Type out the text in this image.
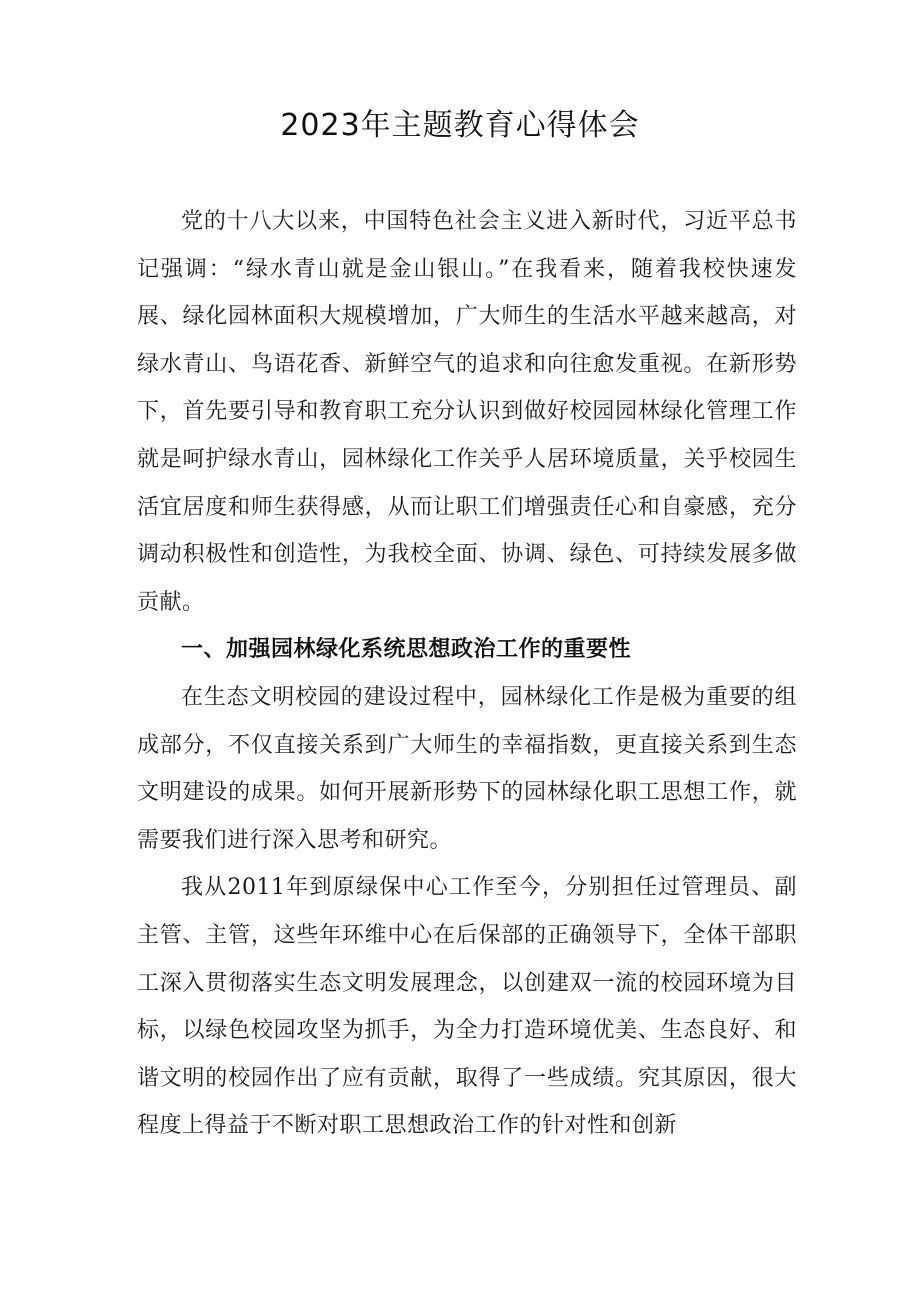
2023年主题教育心得体会

党的十八大以来，中国特色社会主义进入新时代，习近平总书记强调：“绿水青山就是金山银山。”在我看来，随着我校快速发展、绿化园林面积大规模增加，广大师生的生活水平越来越高，对绿水青山、鸟语花香、新鲜空气的追求和向往愈发重视。在新形势下，首先要引导和教育职工充分认识到做好校园园林绿化管理工作就是呵护绿水青山，园林绿化工作关乎人居环境质量，关乎校园生活宜居度和师生获得感，从而让职工们增强责任心和自豪感，充分调动积极性和创造性，为我校全面、协调、绿色、可持续发展多做贡献。

一、加强园林绿化系统思想政治工作的重要性

在生态文明校园的建设过程中，园林绿化工作是极为重要的组成部分，不仅直接关系到广大师生的幸福指数，更直接关系到生态文明建设的成果。如何开展新形势下的园林绿化职工思想工作，就需要我们进行深入思考和研究。

我从2011年到原绿保中心工作至今，分别担任过管理员、副主管、主管，这些年环维中心在后保部的正确领导下，全体干部职工深入贯彻落实生态文明发展理念，以创建双一流的校园环境为目标，以绿色校园攻坚为抓手，为全力打造环境优美、生态良好、和谐文明的校园作出了应有贡献，取得了一些成绩。究其原因，很大程度上得益于不断对职工思想政治工作的针对性和创新
